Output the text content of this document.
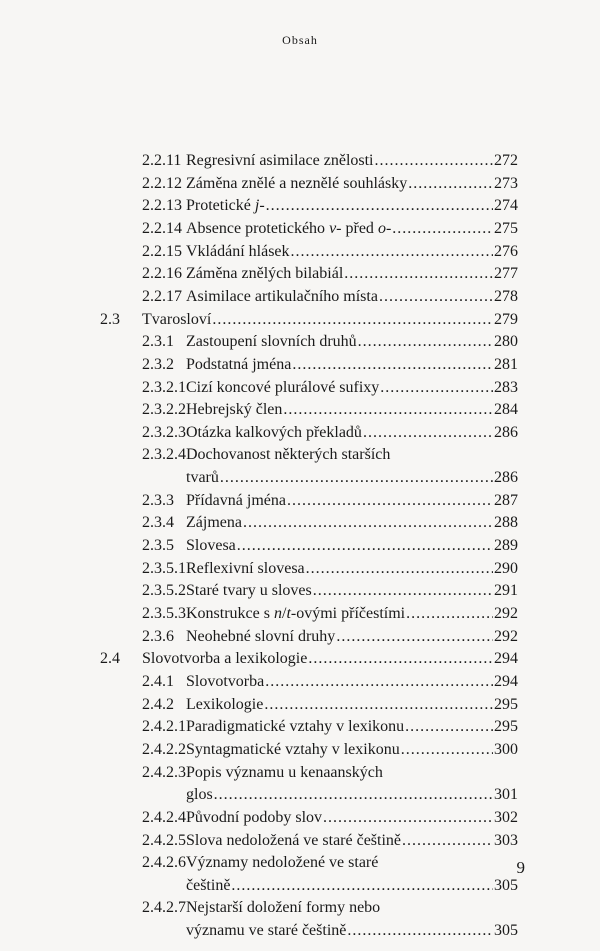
Obsah
2.2.11 Regresivní asimilace znělosti .....	272
2.2.12 Záměna znělé a neznělé souhlásky .....	273
2.2.13 Protetické j- .....	274
2.2.14 Absence protetického v- před o- .....	275
2.2.15 Vkládání hlásek .....	276
2.2.16 Záměna znělých bilabiál .....	277
2.2.17 Asimilace artikulačního místa .....	278
2.3 Tvarosloví .....	279
2.3.1 Zastoupení slovních druhů .....	280
2.3.2 Podstatná jména .....	281
2.3.2.1 Cizí koncové plurálové sufixy .....	283
2.3.2.2 Hebrejský člen .....	284
2.3.2.3 Otázka kalkových překladů .....	286
2.3.2.4 Dochovanost některých starších
tvarů .....	286
2.3.3 Přídavná jména .....	287
2.3.4 Zájmena .....	288
2.3.5 Slovesa .....	289
2.3.5.1 Reflexivní slovesa .....	290
2.3.5.2 Staré tvary u sloves .....	291
2.3.5.3 Konstrukce s n/t-ovými příčestími .....	292
2.3.6 Neohebné slovní druhy .....	292
2.4 Slovotvorba a lexikologie .....	294
2.4.1 Slovotvorba .....	294
2.4.2 Lexikologie .....	295
2.4.2.1 Paradigmatické vztahy v lexikonu .....	295
2.4.2.2 Syntagmatické vztahy v lexikonu .....	300
2.4.2.3 Popis významu u kenaanských
glos .....	301
2.4.2.4 Původní podoby slov .....	302
2.4.2.5 Slova nedoložená ve staré češtině .....	303
2.4.2.6 Významy nedoložené ve staré
češtině .....	305
2.4.2.7 Nejstarší doložení formy nebo
významu ve staré češtině .....	305
9
